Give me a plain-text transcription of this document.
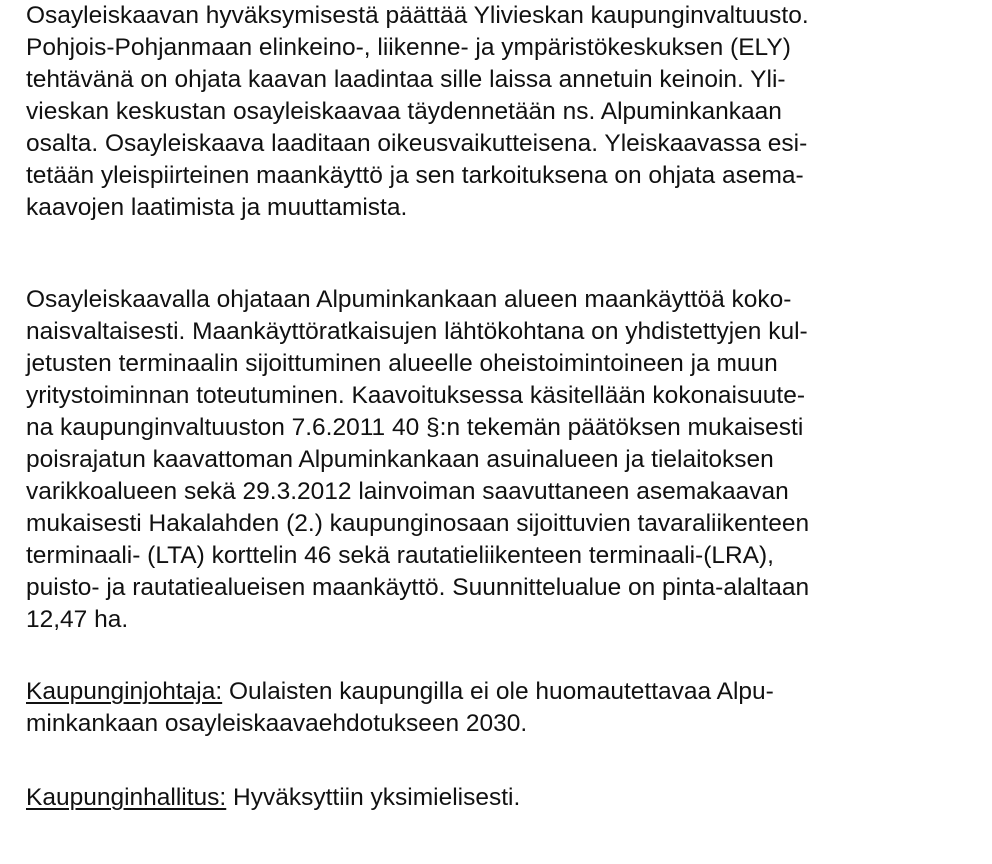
Osayleiskaavan hyväksymisestä päättää Ylivieskan kaupunginvaltuusto.
Pohjois-Pohjanmaan elinkeino-, liikenne- ja ympäristökeskuksen (ELY)
tehtävänä on ohjata kaavan laadintaa sille laissa annetuin keinoin. Yli-
vieskan keskustan osayleiskaavaa täydennetään ns. Alpuminkankaan
osalta. Osayleiskaava laaditaan oikeusvaikutteisena. Yleiskaavassa esi-
tetään yleispiirteinen maankäyttö ja sen tarkoituksena on ohjata asema-
kaavojen laatimista ja muuttamista.
Osayleiskaavalla ohjataan Alpuminkankaan alueen maankäyttöä koko-
naisvaltaisesti. Maankäyttöratkaisujen lähtökohtana on yhdistettyjen kul-
jetusten terminaalin sijoittuminen alueelle oheistoimintoineen ja muun
yritystoiminnan toteutuminen. Kaavoituksessa käsitellään kokonaisuute-
na kaupunginvaltuuston 7.6.2011 40 §:n tekemän päätöksen mukaisesti
poisrajatun kaavattoman Alpuminkankaan asuinalueen ja tielaitoksen
varikkoalueen sekä 29.3.2012 lainvoiman saavuttaneen asemakaavan
mukaisesti Hakalahden (2.) kaupunginosaan sijoittuvien tavaraliikenteen
terminaali- (LTA) korttelin 46 sekä rautatieliikenteen terminaali-(LRA),
puisto- ja rautatiealueisen maankäyttö. Suunnittelualue on pinta-alaltaan
12,47 ha.
Kaupunginjohtaja: Oulaisten kaupungilla ei ole huomautettavaa Alpu-
minkankaan osayleiskaavaehdotukseen 2030.
Kaupunginhallitus: Hyväksyttiin yksimielisesti.
